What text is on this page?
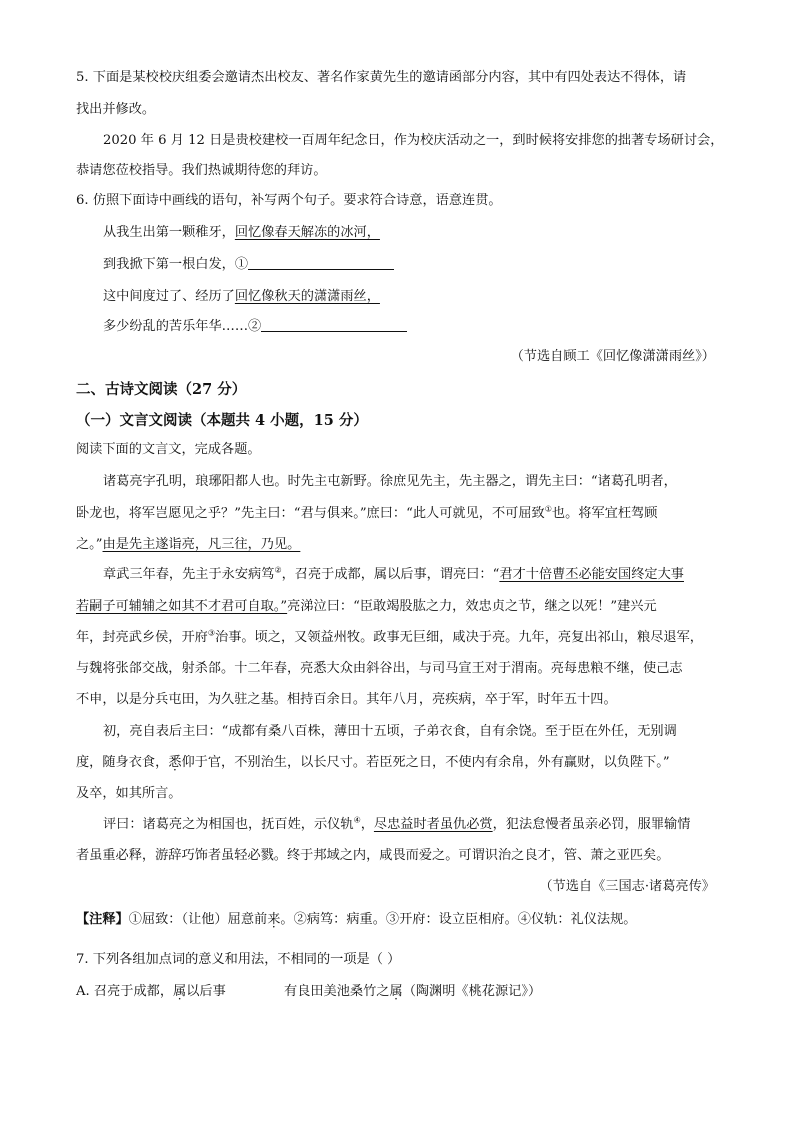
5. 下面是某校校庆组委会邀请杰出校友、著名作家黄先生的邀请函部分内容，其中有四处表达不得体，请
找出并修改。
2020 年 6 月 12 日是贵校建校一百周年纪念日，作为校庆活动之一，到时候将安排您的拙著专场研讨会，
恭请您莅校指导。我们热诚期待您的拜访。
6. 仿照下面诗中画线的语句，补写两个句子。要求符合诗意，语意连贯。
从我生出第一颗稚牙，回忆像春天解冻的冰河，
到我掀下第一根白发，①
这中间度过了、经历了回忆像秋天的潇潇雨丝，
多少纷乱的苦乐年华……②
（节选自顾工《回忆像潇潇雨丝》）
二、古诗文阅读（27 分）
（一）文言文阅读（本题共 4 小题，15 分）
阅读下面的文言文，完成各题。
诸葛亮字孔明，琅琊阳都人也。时先主屯新野。徐庶见先主，先主器之，谓先主曰：“诸葛孔明者，
卧龙也，将军岂愿见之乎？”先主曰：“君与俱来。”庶曰：“此人可就见，不可屈致①也。将军宜枉驾顾
之。”由是先主遂诣亮，凡三往，乃见。
章武三年春，先主于永安病笃②，召亮于成都，属以后事，谓亮曰：“君才十倍曹丕必能安国终定大事
若嗣子可辅辅之如其不才君可自取。”亮涕泣曰：“臣敢竭股肱之力，效忠贞之节，继之以死！”建兴元
年，封亮武乡侯，开府③治事。顷之，又领益州牧。政事无巨细，咸决于亮。九年，亮复出祁山，粮尽退军，
与魏将张郃交战，射杀郃。十二年春，亮悉大众由斜谷出，与司马宣王对于渭南。亮每患粮不继，使己志
不申，以是分兵屯田，为久驻之基。相持百余日。其年八月，亮疾病，卒于军，时年五十四。
初，亮自表后主曰：“成都有桑八百株，薄田十五顷，子弟衣食，自有余饶。至于臣在外任，无别调
度，随身衣食，悉仰于官，不别治生，以长尺寸。若臣死之日，不使内有余帛，外有赢财，以负陛下。”
及卒，如其所言。
评曰：诸葛亮之为相国也，抚百姓，示仪轨④，尽忠益时者虽仇必赏，犯法怠慢者虽亲必罚，服罪输情
者虽重必释，游辞巧饰者虽轻必戮。终于邦域之内，咸畏而爱之。可谓识治之良才，管、萧之亚匹矣。
（节选自《三国志·诸葛亮传》
【注释】①屈致：（让他）屈意前来。②病笃：病重。③开府：设立臣相府。④仪轨：礼仪法规。
7. 下列各组加点词的意义和用法，不相同的一项是（ ）
A. 召亮于成都，属以后事	有良田美池桑竹之属（陶渊明《桃花源记》）
